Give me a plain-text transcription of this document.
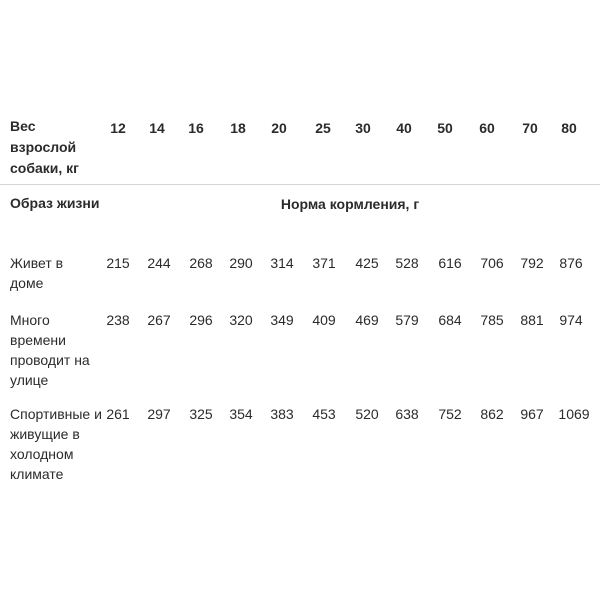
Вес взрослой собаки, кг
12	14	16	18	20	25	30	40	50	60	70	80
Образ жизни	Норма кормления, г
Живет в доме
215	244	268	290	314	371	425	528	616	706	792	876
Много времени проводит на улице
238	267	296	320	349	409	469	579	684	785	881	974
Спортивные и живущие в холодном климате
261	297	325	354	383	453	520	638	752	862	967	1069
